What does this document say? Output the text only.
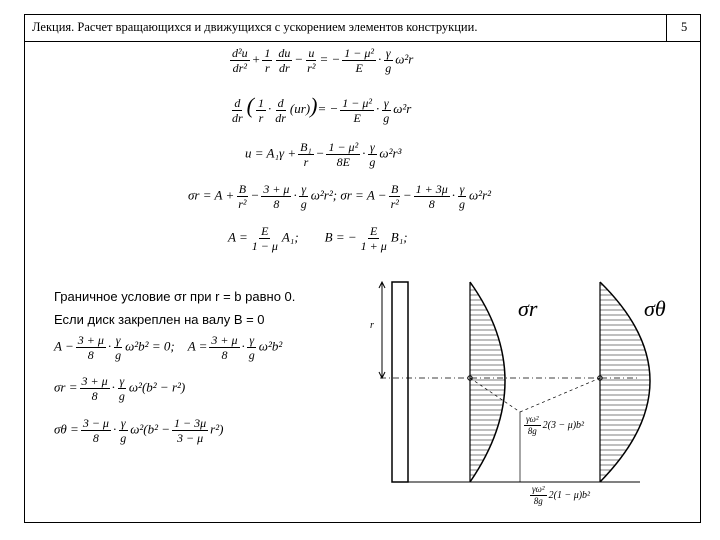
Лекция. Расчет вращающихся и движущихся с ускорением элементов конструкции.	5
$\frac{\text{d²u}}{\text{dr²}} + \frac{1}{r} \frac{du}{dr} - \frac{u}{\text{r²}}$ = − $\frac{\text{1 − μ²}}{E} \cdot \frac{\gamma}{g} \omega^2r$
$\frac{d}{dr}$ ( $\frac{1}{r} \cdot \frac{d}{dr} (ur))= - \frac{\text{1 − μ²}}{E} \cdot \frac{\gamma}{g} \omega^2r$
$u = A_1\gamma + \frac{\text{B₁}}{r} - \frac{\text{1 − μ²}}{8E} \cdot \frac{\gamma}{g} \omega^2r^3$
$\sigma r = A + \frac{B}{\text{r²}} - \frac{3 + \mu}{8} \cdot \frac{\gamma}{g} \omega^2r^2$; $\sigma r = A - \frac{B}{\text{r²}} - \frac{1 + 3\mu}{8} \cdot \frac{\gamma}{g} \omega^2r^2$
$A = \frac{E}{1 - \mu} A_1$; B = − $\frac{E}{1 + \mu} B_1$;
Граничное условие σr при r = b равно 0.
Если диск закреплен на валу B = 0
$A - \frac{3 + \mu}{8} \cdot \frac{\gamma}{g} \omega^2b^2 = 0$; $A = \frac{3 + \mu}{8} \cdot \frac{\gamma}{g} \omega^2b^2$
$\sigma r = \frac{3 + \mu}{8} \cdot \frac{\gamma}{g} \omega^2(b^2 - r^2)$
$\sigma\theta = \frac{3 - \mu}{8} \cdot \frac{\gamma}{g} \omega^2(b^2 - \frac{1 - 3\mu}{3 - \mu} r^2)$
σr	σθ
r
$\frac{\text{γω²}}{8g} 2(3 - \mu)b^2$
$\frac{\text{γω²}}{8g} 2(1 - \mu)b^2$
